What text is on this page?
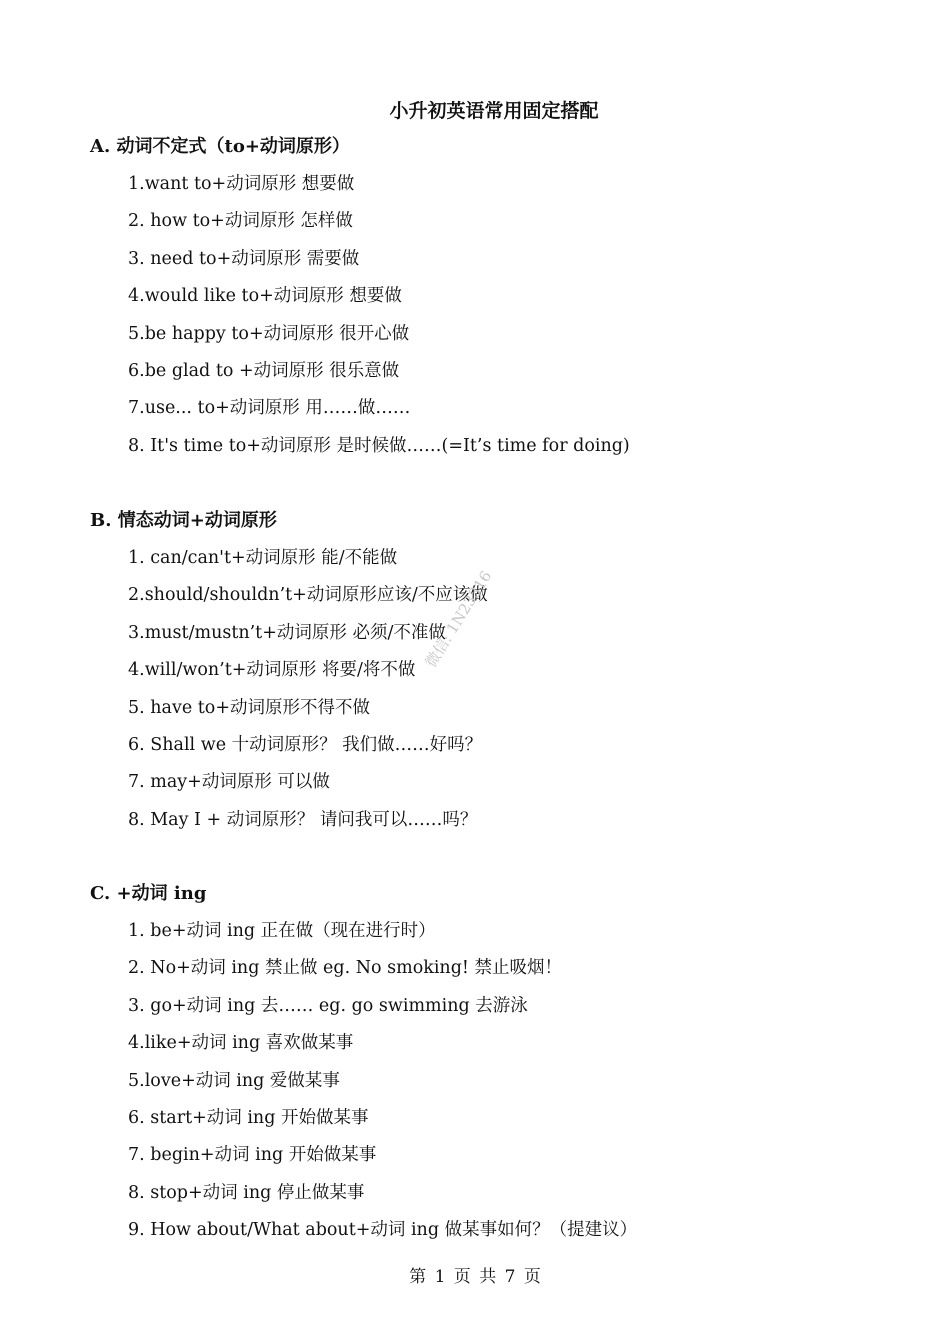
小升初英语常用固定搭配
A. 动词不定式（to+动词原形）
1.want to+动词原形 想要做
2. how to+动词原形 怎样做
3. need to+动词原形 需要做
4.would like to+动词原形 想要做
5.be happy to+动词原形 很开心做
6.be glad to +动词原形 很乐意做
7.use... to+动词原形 用……做……
8. It's time to+动词原形 是时候做……(=It’s time for doing)
B. 情态动词+动词原形
1. can/can't+动词原形 能/不能做
2.should/shouldn’t+动词原形应该/不应该做
3.must/mustn’t+动词原形 必须/不准做
4.will/won’t+动词原形 将要/将不做
5. have to+动词原形不得不做
6. Shall we 十动词原形？ 我们做……好吗？
7. may+动词原形 可以做
8. May I + 动词原形？ 请问我可以……吗？
C. +动词 ing
1. be+动词 ing 正在做（现在进行时）
2. No+动词 ing 禁止做 eg. No smoking! 禁止吸烟！
3. go+动词 ing 去…… eg. go swimming 去游泳
4.like+动词 ing 喜欢做某事
5.love+动词 ing 爱做某事
6. start+动词 ing 开始做某事
7. begin+动词 ing 开始做某事
8. stop+动词 ing 停止做某事
9. How about/What about+动词 ing 做某事如何？（提建议）
微信: 1N23316
第 1 页 共 7 页
